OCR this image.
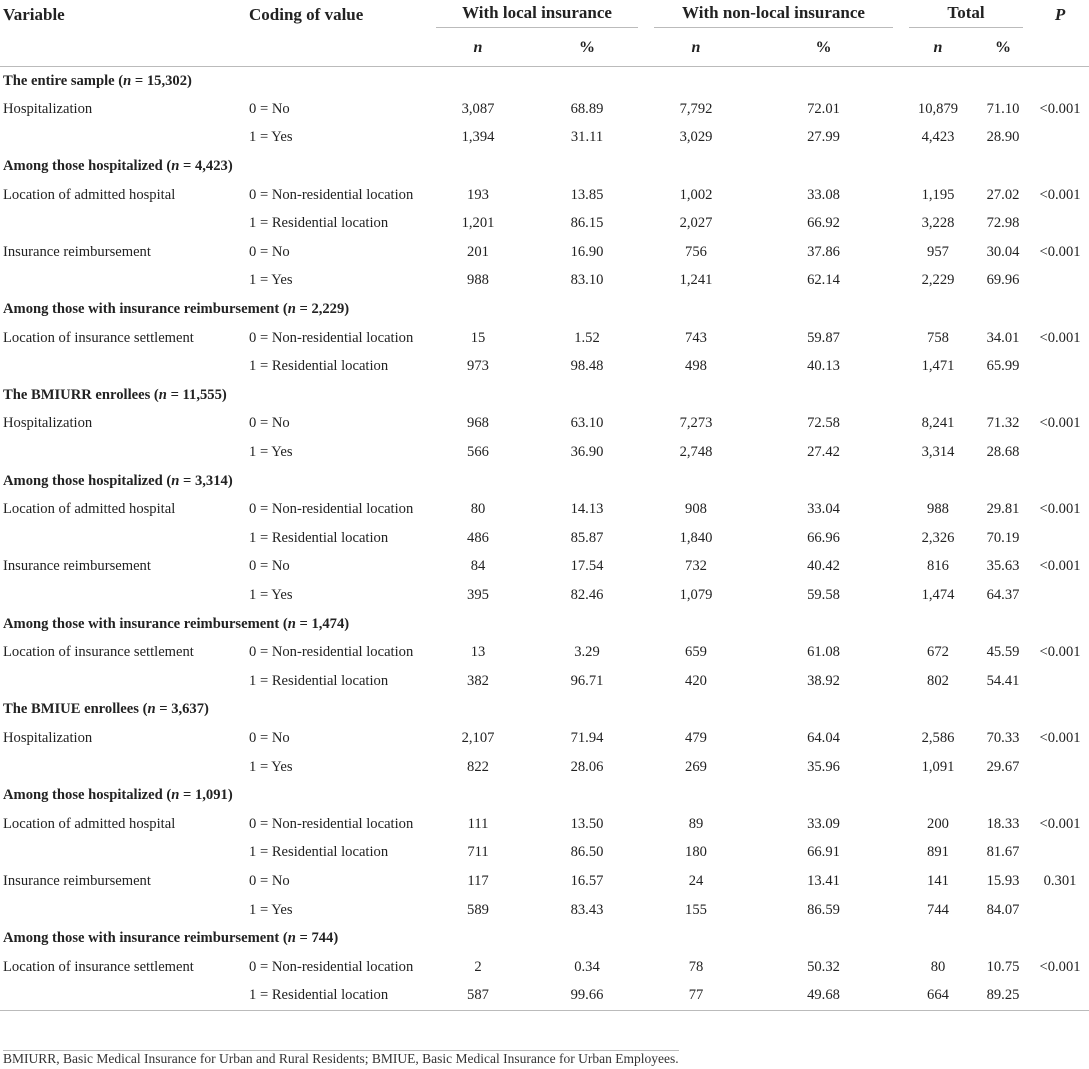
Variable	Coding of value	With local insurance		With non-local insurance		Total		P
		n	%	n	%	n	%	
The entire sample (n = 15,302)								
Hospitalization	0 = No	3,087	68.89	7,792	72.01	10,879	71.10	<0.001
	1 = Yes	1,394	31.11	3,029	27.99	4,423	28.90	
Among those hospitalized (n = 4,423)								
Location of admitted hospital	0 = Non-residential location	193	13.85	1,002	33.08	1,195	27.02	<0.001
	1 = Residential location	1,201	86.15	2,027	66.92	3,228	72.98	
Insurance reimbursement	0 = No	201	16.90	756	37.86	957	30.04	<0.001
	1 = Yes	988	83.10	1,241	62.14	2,229	69.96	
Among those with insurance reimbursement (n = 2,229)								
Location of insurance settlement	0 = Non-residential location	15	1.52	743	59.87	758	34.01	<0.001
	1 = Residential location	973	98.48	498	40.13	1,471	65.99	
The BMIURR enrollees (n = 11,555)								
Hospitalization	0 = No	968	63.10	7,273	72.58	8,241	71.32	<0.001
	1 = Yes	566	36.90	2,748	27.42	3,314	28.68	
Among those hospitalized (n = 3,314)								
Location of admitted hospital	0 = Non-residential location	80	14.13	908	33.04	988	29.81	<0.001
	1 = Residential location	486	85.87	1,840	66.96	2,326	70.19	
Insurance reimbursement	0 = No	84	17.54	732	40.42	816	35.63	<0.001
	1 = Yes	395	82.46	1,079	59.58	1,474	64.37	
Among those with insurance reimbursement (n = 1,474)								
Location of insurance settlement	0 = Non-residential location	13	3.29	659	61.08	672	45.59	<0.001
	1 = Residential location	382	96.71	420	38.92	802	54.41	
The BMIUE enrollees (n = 3,637)								
Hospitalization	0 = No	2,107	71.94	479	64.04	2,586	70.33	<0.001
	1 = Yes	822	28.06	269	35.96	1,091	29.67	
Among those hospitalized (n = 1,091)								
Location of admitted hospital	0 = Non-residential location	111	13.50	89	33.09	200	18.33	<0.001
	1 = Residential location	711	86.50	180	66.91	891	81.67	
Insurance reimbursement	0 = No	117	16.57	24	13.41	141	15.93	0.301
	1 = Yes	589	83.43	155	86.59	744	84.07	
Among those with insurance reimbursement (n = 744)								
Location of insurance settlement	0 = Non-residential location	2	0.34	78	50.32	80	10.75	<0.001
	1 = Residential location	587	99.66	77	49.68	664	89.25	
BMIURR, Basic Medical Insurance for Urban and Rural Residents; BMIUE, Basic Medical Insurance for Urban Employees.
